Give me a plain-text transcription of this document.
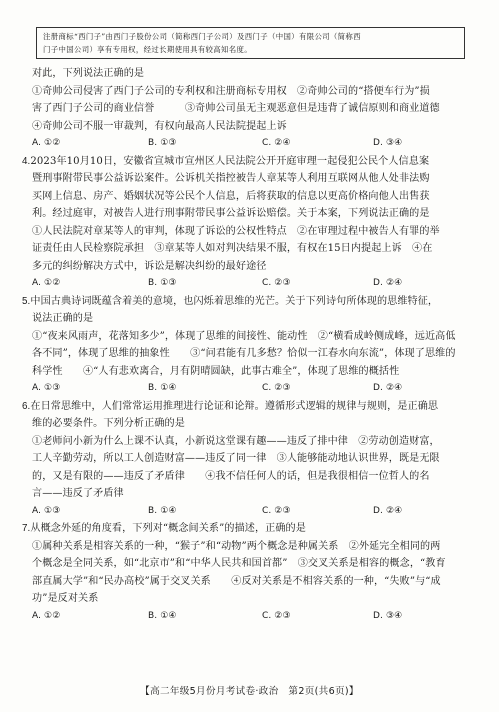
注册商标“西门子”由西门子股份公司（简称西门子公司）及西门子（中国）有限公司（简称西
门子中国公司）享有专用权，经过长期使用具有较高知名度。
对此，下列说法正确的是
①奇帅公司侵害了西门子公司的专利权和注册商标专用权　②奇帅公司的“搭便车行为”损
害了西门子公司的商业信誉　　　③奇帅公司虽无主观恶意但是违背了诚信原则和商业道德
④奇帅公司不服一审裁判，有权向最高人民法院提起上诉
A. ①②	B. ①③	C. ②④	D. ③④
4.2023年10月10日，安徽省宣城市宣州区人民法院公开开庭审理一起侵犯公民个人信息案
暨刑事附带民事公益诉讼案件。公诉机关指控被告人章某等人利用互联网从他人处非法购
买网上信息、房产、婚姻状况等公民个人信息，后将获取的信息以更高价格向他人出售获
利。经过庭审，对被告人进行刑事附带民事公益诉讼赔偿。关于本案，下列说法正确的是
①人民法院对章某等人的审判，体现了诉讼的公权性特点　②在审理过程中被告人有罪的举
证责任由人民检察院承担　③章某等人如对判决结果不服，有权在15日内提起上诉　④在
多元的纠纷解决方式中，诉讼是解决纠纷的最好途径
A. ①②	B. ①③	C. ②③	D. ②④
5.中国古典诗词既蕴含着美的意境，也闪烁着思维的光芒。关于下列诗句所体现的思维特征，
说法正确的是
①“夜来风雨声，花落知多少”，体现了思维的间接性、能动性　②“横看成岭侧成峰，远近高低
各不同”，体现了思维的抽象性　　③“问君能有几多愁？恰似一江春水向东流”，体现了思维的
科学性　　④“人有悲欢离合，月有阴晴圆缺，此事古难全”，体现了思维的概括性
A. ①③	B. ①④	C. ②③	D. ②④
6.在日常思维中，人们常常运用推理进行论证和论辩。遵循形式逻辑的规律与规则，是正确思
维的必要条件。下列分析正确的是
①老师问小新为什么上课不认真，小新说这堂课有趣——违反了排中律　②劳动创造财富，
工人辛勤劳动，所以工人创造财富——违反了同一律　③人能够能动地认识世界，既是无限
的，又是有限的——违反了矛盾律　　④我不信任何人的话，但是我很相信一位哲人的名
言——违反了矛盾律
A. ①③	B. ①④	C. ②③	D. ②④
7.从概念外延的角度看，下列对“概念间关系”的描述，正确的是
①属种关系是相容关系的一种，“猴子”和“动物”两个概念是种属关系　②外延完全相同的两
个概念是全同关系，如“北京市”和“中华人民共和国首都”　③交叉关系是相容的概念，“教育
部直属大学”和“民办高校”属于交叉关系　　④反对关系是不相容关系的一种，“失败”与“成
功”是反对关系
A. ①②	B. ①④	C. ②③	D. ③④
【高二年级5月份月考试卷·政治　第2页(共6页)】
